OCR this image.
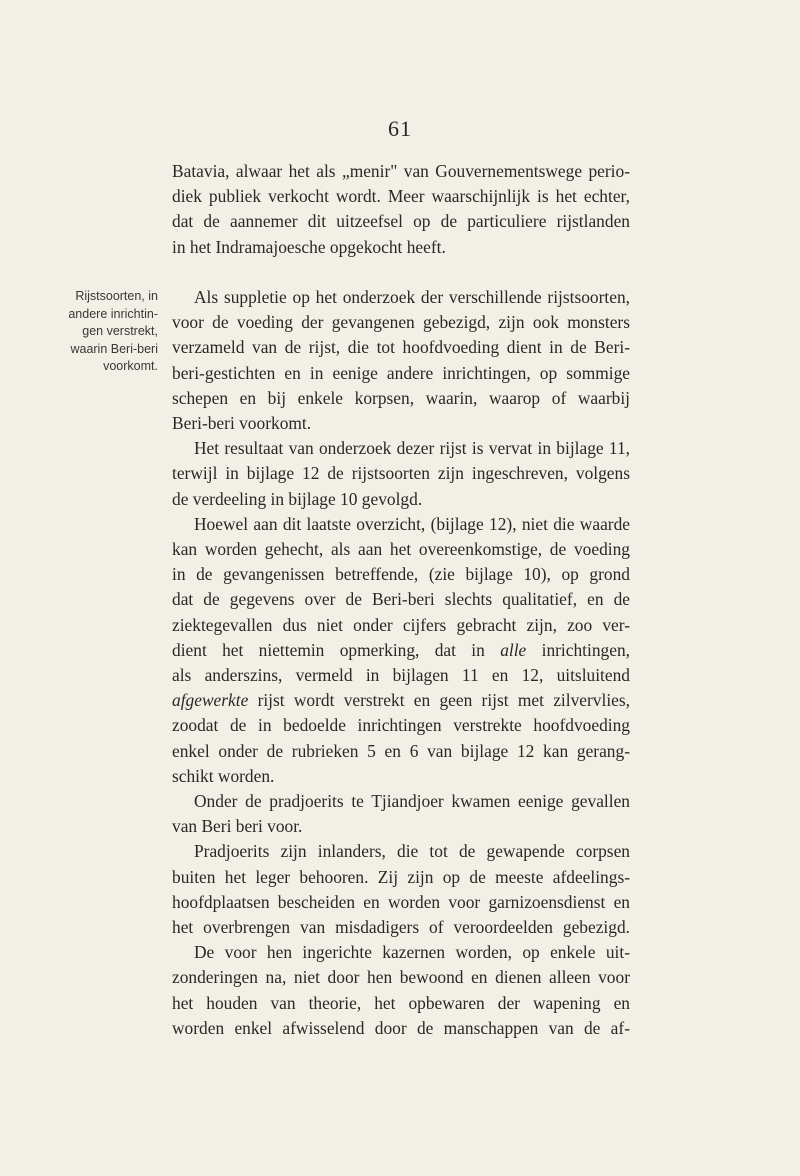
61
Rijstsoorten, in
andere inrichtin-
gen verstrekt,
waarin Beri-beri
voorkomt.
Batavia, alwaar het als „menir" van Gouvernementswege perio-
diek publiek verkocht wordt. Meer waarschijnlijk is het echter,
dat de aannemer dit uitzeefsel op de particuliere rijstlanden
in het Indramajoesche opgekocht heeft.
Als suppletie op het onderzoek der verschillende rijstsoorten,
voor de voeding der gevangenen gebezigd, zijn ook monsters
verzameld van de rijst, die tot hoofdvoeding dient in de Beri-
beri-gestichten en in eenige andere inrichtingen, op sommige
schepen en bij enkele korpsen, waarin, waarop of waarbij
Beri-beri voorkomt.
Het resultaat van onderzoek dezer rijst is vervat in bijlage 11,
terwijl in bijlage 12 de rijstsoorten zijn ingeschreven, volgens
de verdeeling in bijlage 10 gevolgd.
Hoewel aan dit laatste overzicht, (bijlage 12), niet die waarde
kan worden gehecht, als aan het overeenkomstige, de voeding
in de gevangenissen betreffende, (zie bijlage 10), op grond
dat de gegevens over de Beri-beri slechts qualitatief, en de
ziektegevallen dus niet onder cijfers gebracht zijn, zoo ver-
dient het niettemin opmerking, dat in alle inrichtingen,
als anderszins, vermeld in bijlagen 11 en 12, uitsluitend
afgewerkte rijst wordt verstrekt en geen rijst met zilvervlies,
zoodat de in bedoelde inrichtingen verstrekte hoofdvoeding
enkel onder de rubrieken 5 en 6 van bijlage 12 kan gerang-
schikt worden.
Onder de pradjoerits te Tjiandjoer kwamen eenige gevallen
van Beri beri voor.
Pradjoerits zijn inlanders, die tot de gewapende corpsen
buiten het leger behooren. Zij zijn op de meeste afdeelings-
hoofdplaatsen bescheiden en worden voor garnizoensdienst en
het overbrengen van misdadigers of veroordeelden gebezigd.
De voor hen ingerichte kazernen worden, op enkele uit-
zonderingen na, niet door hen bewoond en dienen alleen voor
het houden van theorie, het opbewaren der wapening en
worden enkel afwisselend door de manschappen van de af-
